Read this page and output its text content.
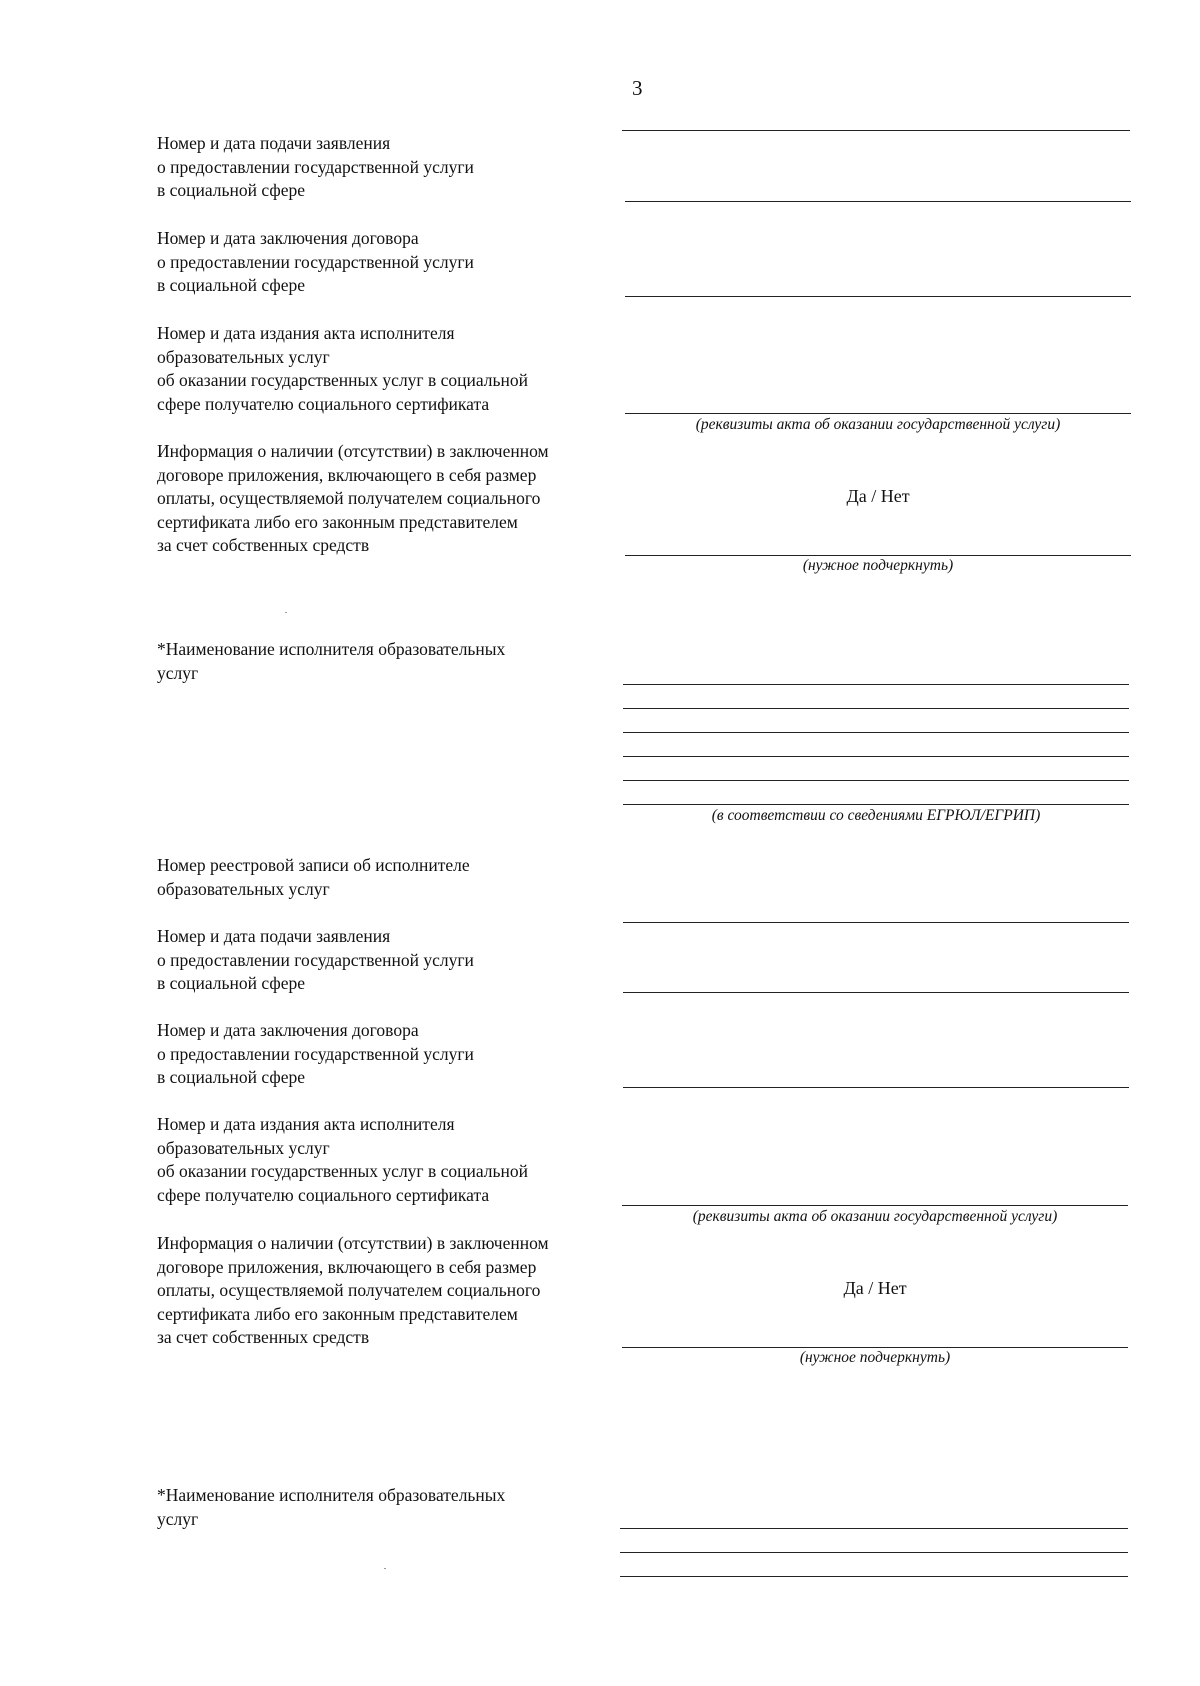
3
Номер и дата подачи заявления
о предоставлении государственной услуги
в социальной сфере
Номер и дата заключения договора
о предоставлении государственной услуги
в социальной сфере
Номер и дата издания акта исполнителя
образовательных услуг
об оказании государственных услуг в социальной
сфере получателю социального сертификата
(реквизиты акта об оказании государственной услуги)
Информация о наличии (отсутствии) в заключенном
договоре приложения, включающего в себя размер
оплаты, осуществляемой получателем социального
сертификата либо его законным представителем
за счет собственных средств
Да / Нет
(нужное подчеркнуть)
*Наименование исполнителя образовательных
услуг
(в соответствии со сведениями ЕГРЮЛ/ЕГРИП)
Номер реестровой записи об исполнителе
образовательных услуг
Номер и дата подачи заявления
о предоставлении государственной услуги
в социальной сфере
Номер и дата заключения договора
о предоставлении государственной услуги
в социальной сфере
Номер и дата издания акта исполнителя
образовательных услуг
об оказании государственных услуг в социальной
сфере получателю социального сертификата
(реквизиты акта об оказании государственной услуги)
Информация о наличии (отсутствии) в заключенном
договоре приложения, включающего в себя размер
оплаты, осуществляемой получателем социального
сертификата либо его законным представителем
за счет собственных средств
Да / Нет
(нужное подчеркнуть)
*Наименование исполнителя образовательных
услуг
